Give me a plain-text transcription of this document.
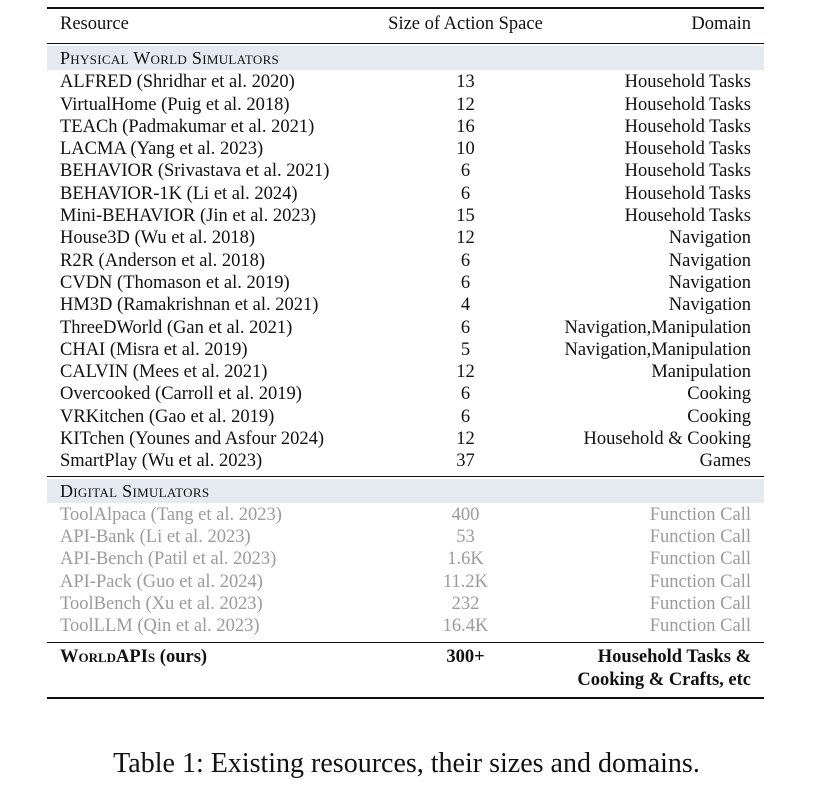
Resource	Size of Action Space	Domain
Physical World Simulators
ALFRED (Shridhar et al. 2020)	13	Household Tasks
VirtualHome (Puig et al. 2018)	12	Household Tasks
TEACh (Padmakumar et al. 2021)	16	Household Tasks
LACMA (Yang et al. 2023)	10	Household Tasks
BEHAVIOR (Srivastava et al. 2021)	6	Household Tasks
BEHAVIOR-1K (Li et al. 2024)	6	Household Tasks
Mini-BEHAVIOR (Jin et al. 2023)	15	Household Tasks
House3D (Wu et al. 2018)	12	Navigation
R2R (Anderson et al. 2018)	6	Navigation
CVDN (Thomason et al. 2019)	6	Navigation
HM3D (Ramakrishnan et al. 2021)	4	Navigation
ThreeDWorld (Gan et al. 2021)	6	Navigation,Manipulation
CHAI (Misra et al. 2019)	5	Navigation,Manipulation
CALVIN (Mees et al. 2021)	12	Manipulation
Overcooked (Carroll et al. 2019)	6	Cooking
VRKitchen (Gao et al. 2019)	6	Cooking
KITchen (Younes and Asfour 2024)	12	Household & Cooking
SmartPlay (Wu et al. 2023)	37	Games
Digital Simulators
ToolAlpaca (Tang et al. 2023)	400	Function Call
API-Bank (Li et al. 2023)	53	Function Call
API-Bench (Patil et al. 2023)	1.6K	Function Call
API-Pack (Guo et al. 2024)	11.2K	Function Call
ToolBench (Xu et al. 2023)	232	Function Call
ToolLLM (Qin et al. 2023)	16.4K	Function Call
WorldAPIs (ours)	300+	Household Tasks & Cooking & Crafts, etc
Table 1: Existing resources, their sizes and domains.
